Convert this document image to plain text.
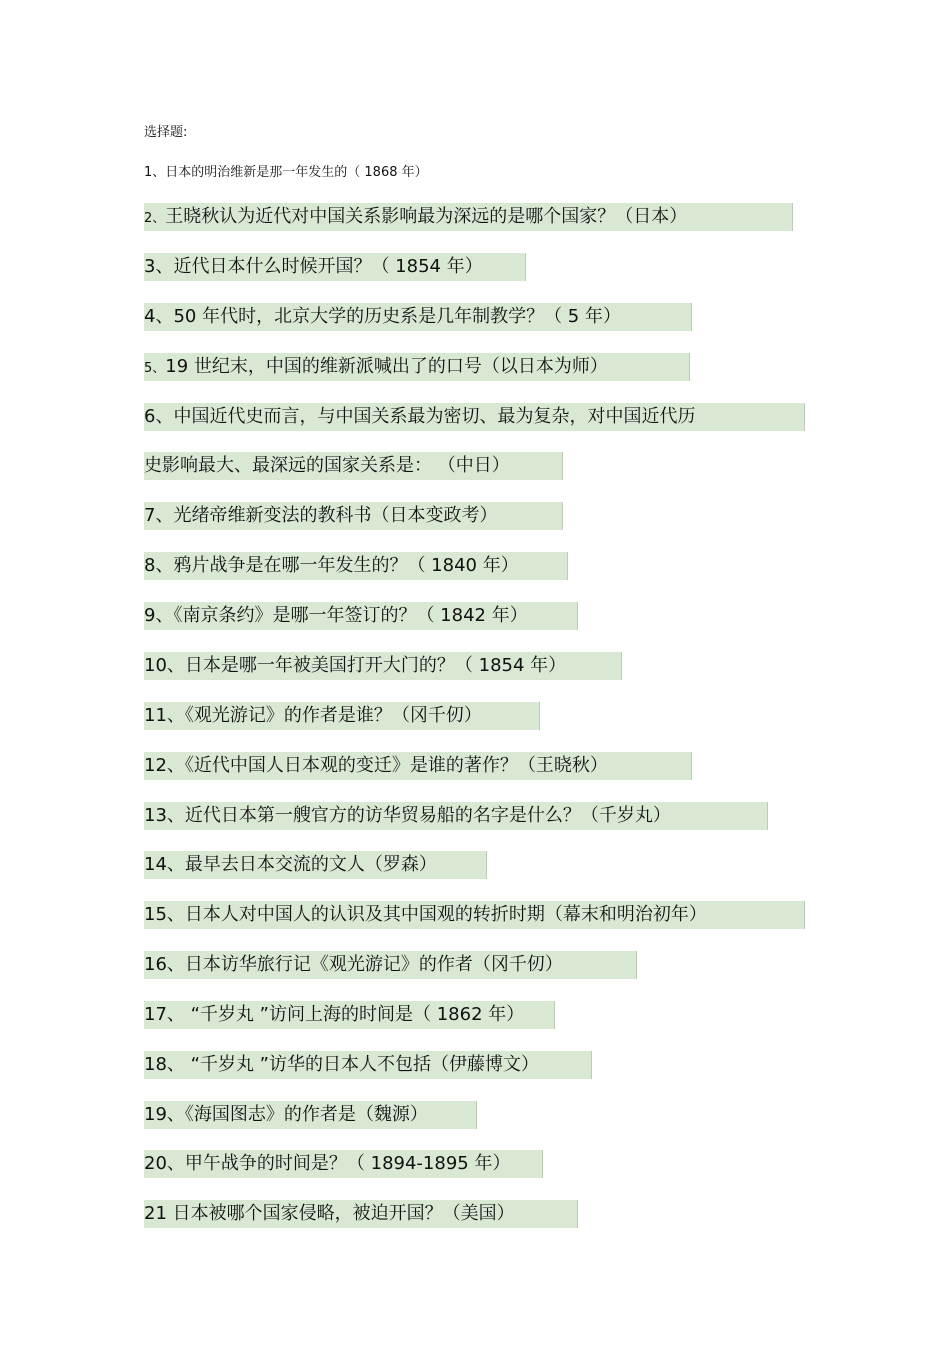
选择题:
1、日本的明治维新是那一年发生的（ 1868 年）
2、王晓秋认为近代对中国关系影响最为深远的是哪个国家？（日本）
3、近代日本什么时候开国？（ 1854 年）
4、50 年代时，北京大学的历史系是几年制教学？（ 5 年）
5、19 世纪末，中国的维新派喊出了的口号（以日本为师）
6、中国近代史而言，与中国关系最为密切、最为复杂，对中国近代历
史影响最大、最深远的国家关系是： （中日）
7、光绪帝维新变法的教科书（日本变政考）
8、鸦片战争是在哪一年发生的？（ 1840 年）
9、《南京条约》是哪一年签订的？（ 1842 年）
10、日本是哪一年被美国打开大门的？（ 1854 年）
11、《观光游记》的作者是谁？（冈千仞）
12、《近代中国人日本观的变迁》是谁的著作？（王晓秋）
13、近代日本第一艘官方的访华贸易船的名字是什么？（千岁丸）
14、最早去日本交流的文人（罗森）
15、日本人对中国人的认识及其中国观的转折时期（幕末和明治初年）
16、日本访华旅行记《观光游记》的作者（冈千仞）
17、 “千岁丸 ”访问上海的时间是（ 1862 年）
18、 “千岁丸 ”访华的日本人不包括（伊藤博文）
19、《海国图志》的作者是（魏源）
20、甲午战争的时间是？（ 1894-1895 年）
21 日本被哪个国家侵略，被迫开国？（美国）
